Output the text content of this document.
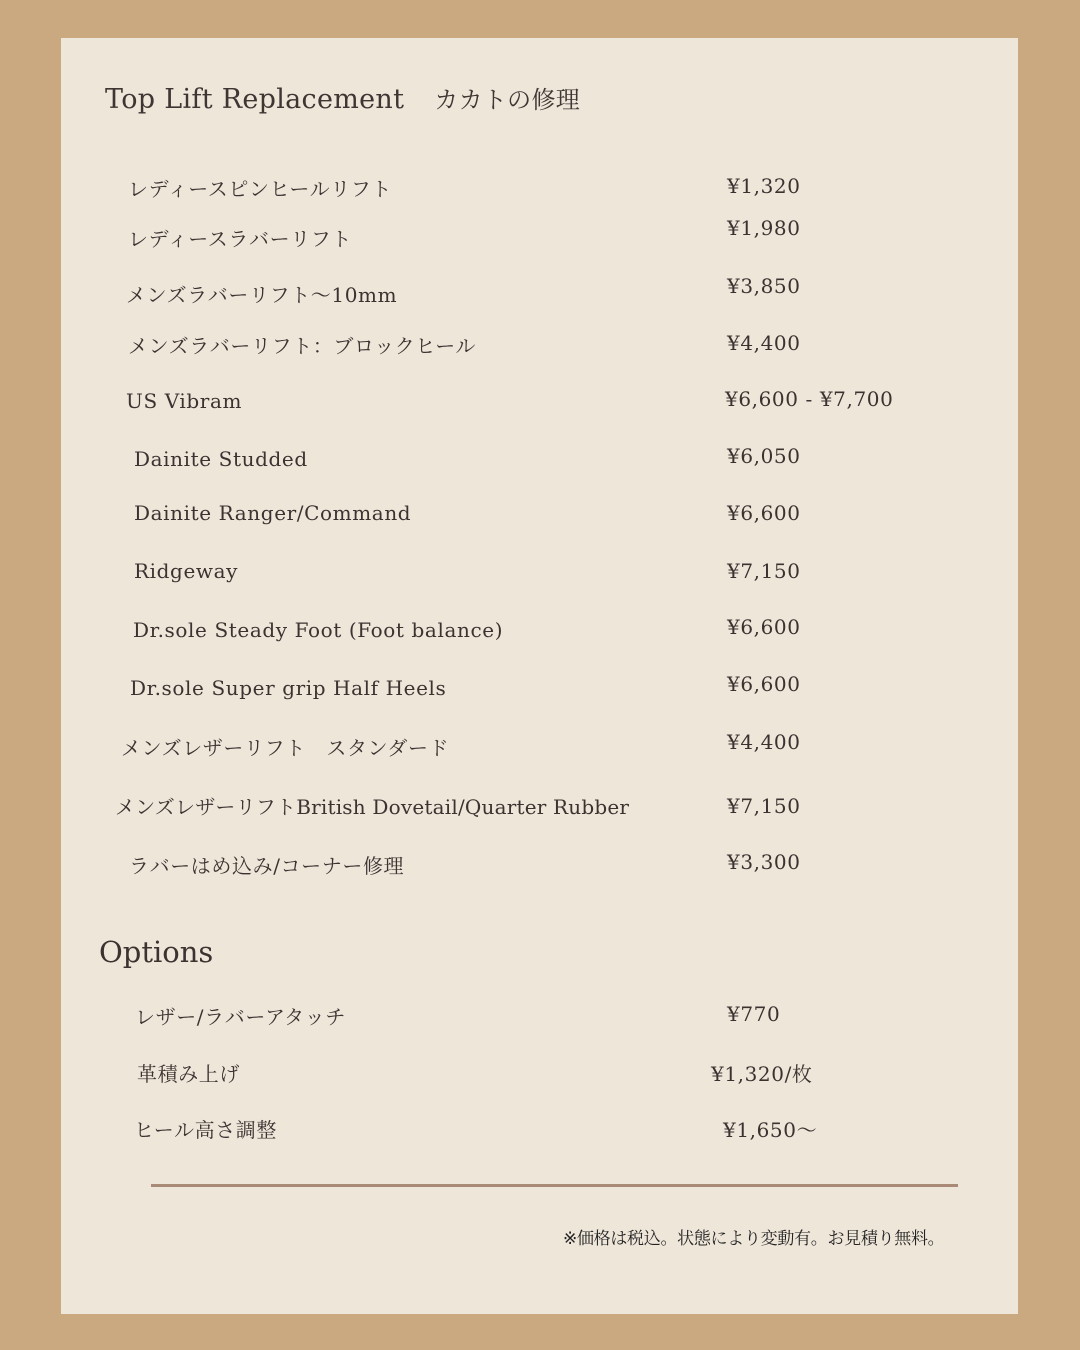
Top Lift Replacement カカトの修理
レディースピンヒールリフト	¥1,320
レディースラバーリフト	¥1,980
メンズラバーリフト～10mm	¥3,850
メンズラバーリフト：ブロックヒール	¥4,400
US Vibram	¥6,600 - ¥7,700
Dainite Studded	¥6,050
Dainite Ranger/Command	¥6,600
Ridgeway	¥7,150
Dr.sole Steady Foot (Foot balance)	¥6,600
Dr.sole Super grip Half Heels	¥6,600
メンズレザーリフト　スタンダード	¥4,400
メンズレザーリフトBritish Dovetail/Quarter Rubber	¥7,150
ラバーはめ込み/コーナー修理	¥3,300
Options
レザー/ラバーアタッチ	¥770
革積み上げ	¥1,320/枚
ヒール高さ調整	¥1,650～
※価格は税込。状態により変動有。お見積り無料。
